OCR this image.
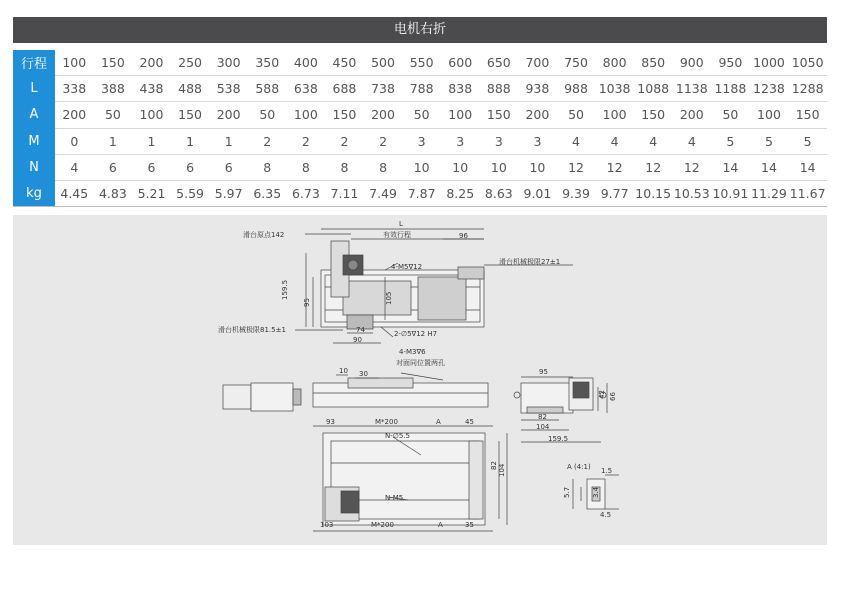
电机右折
行程	100	150	200	250	300	350	400	450	500	550	600	650	700	750	800	850	900	950	1000	1050
L	338	388	438	488	538	588	638	688	738	788	838	888	938	988	1038	1088	1138	1188	1238	1288
A	200	50	100	150	200	50	100	150	200	50	100	150	200	50	100	150	200	50	100	150
M	0	1	1	1	1	2	2	2	2	3	3	3	3	4	4	4	4	5	5	5
N	4	6	6	6	6	8	8	8	8	10	10	10	10	12	12	12	12	14	14	14
kg	4.45	4.83	5.21	5.59	5.97	6.35	6.73	7.11	7.49	7.87	8.25	8.63	9.01	9.39	9.77	10.15	10.53	10.91	11.29	11.67
滑台原点142
L
有效行程	96
滑台机械极限27±1
4-M5∇12
159.5
95	105
滑台机械极限81.5±1	2-∅5∇12 H7
74
90
10 30
4-M3∇6
对面同位置两孔
95
66
42
82
104
159.5
93	M*200	A	45
N-∅5.5
82 104
N-M5
103	M*200	A	35
A (4:1) 1.5
5.7	3.4
4.5
